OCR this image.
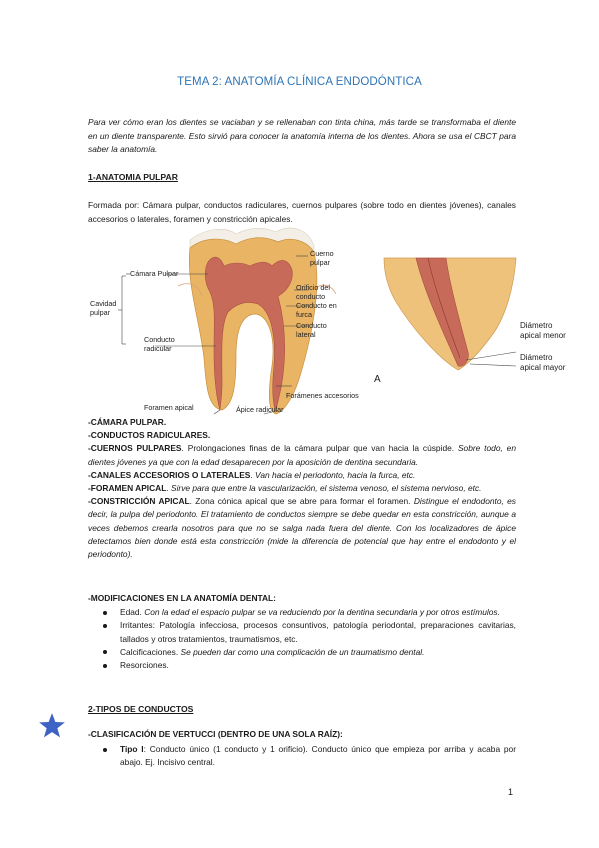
TEMA 2: ANATOMÍA CLÍNICA ENDODÓNTICA
Para ver cómo eran los dientes se vaciaban y se rellenaban con tinta china, más tarde se transformaba el diente en un diente transparente. Esto sirvió para conocer la anatomía interna de los dientes. Ahora se usa el CBCT para saber la anatomía.
1-ANATOMIA PULPAR
Formada por: Cámara pulpar, conductos radiculares, cuernos pulpares (sobre todo en dientes jóvenes), canales accesorios o laterales, foramen y constricción apicales.
Cámara Pulpar
Cavidad
pulpar
Conducto
radicular
Cuerno
pulpar
Orificio del
conducto
Conducto en
furca
Conducto
lateral
Forámenes accesorios
Foramen apical	Ápice radicular
Diámetro
apical menor
Diámetro
apical mayor
A

-CÁMARA PULPAR.

-CONDUCTOS RADICULARES.

-CUERNOS PULPARES. Prolongaciones finas de la cámara pulpar que van hacia la cúspide. Sobre todo, en dientes jóvenes ya que con la edad desaparecen por la aposición de dentina secundaria.

-CANALES ACCESORIOS O LATERALES. Van hacia el periodonto, hacia la furca, etc.

-FORAMEN APICAL. Sirve para que entre la vascularización, el sistema venoso, el sistema nervioso, etc.

-CONSTRICCIÓN APICAL. Zona cónica apical que se abre para formar el foramen. Distingue el endodonto, es decir, la pulpa del periodonto. El tratamiento de conductos siempre se debe quedar en esta constricción, aunque a veces debemos crearla nosotros para que no se salga nada fuera del diente. Con los localizadores de ápice detectamos bien donde está esta constricción (mide la diferencia de potencial que hay entre el endodonto y el periodonto).

-MODIFICACIONES EN LA ANATOMÍA DENTAL:

Edad. Con la edad el espacio pulpar se va reduciendo por la dentina secundaria y por otros estímulos.
Irritantes: Patología infecciosa, procesos consuntivos, patología periodontal, preparaciones cavitarias, tallados y otros tratamientos, traumatismos, etc.
Calcificaciones. Se pueden dar como una complicación de un traumatismo dental.
Resorciones.
2-TIPOS DE CONDUCTOS

-CLASIFICACIÓN DE VERTUCCI (DENTRO DE UNA SOLA RAÍZ):

Tipo I: Conducto único (1 conducto y 1 orificio). Conducto único que empieza por arriba y acaba por abajo. Ej. Incisivo central.
1
